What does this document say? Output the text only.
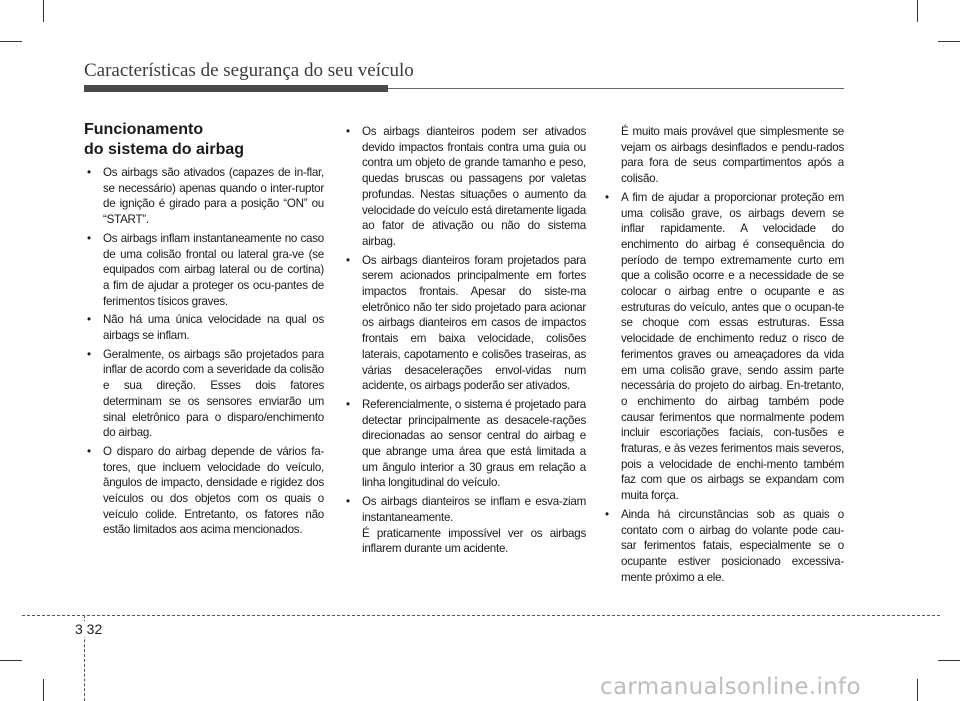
Características de segurança do seu veículo
Funcionamento
do sistema do airbag
• Os airbags são ativados (capazes de in-flar, se necessário) apenas quando o inter-ruptor de ignição é girado para a posição “ON” ou “START”.
• Os airbags inflam instantaneamente no caso de uma colisão frontal ou lateral gra-ve (se equipados com airbag lateral ou de cortina) a fim de ajudar a proteger os ocu-pantes de ferimentos tísicos graves.
• Não há uma única velocidade na qual os airbags se inflam.
• Geralmente, os airbags são projetados para inflar de acordo com a severidade da colisão e sua direção. Esses dois fatores determinam se os sensores enviarão um sinal eletrônico para o disparo/enchimento do airbag.
• O disparo do airbag depende de vários fa-tores, que incluem velocidade do veículo, ângulos de impacto, densidade e rigidez dos veículos ou dos objetos com os quais o veículo colide. Entretanto, os fatores não estão limitados aos acima mencionados.
• Os airbags dianteiros podem ser ativados devido impactos frontais contra uma guia ou contra um objeto de grande tamanho e peso, quedas bruscas ou passagens por valetas profundas. Nestas situações o aumento da velocidade do veículo está diretamente ligada ao fator de ativação ou não do sistema airbag.
• Os airbags dianteiros foram projetados para serem acionados principalmente em fortes impactos frontais. Apesar do siste-ma eletrônico não ter sido projetado para acionar os airbags dianteiros em casos de impactos frontais em baixa velocidade, colisões laterais, capotamento e colisões traseiras, as várias desacelerações envol-vidas num acidente, os airbags poderão ser ativados.
• Referencialmente, o sistema é projetado para detectar principalmente as desacele-rações direcionadas ao sensor central do airbag e que abrange uma área que está limitada a um ângulo interior a 30 graus em relação a linha longitudinal do veículo.
• Os airbags dianteiros se inflam e esva-ziam instantaneamente.

É praticamente impossível ver os airbags inflarem durante um acidente.

É muito mais provável que simplesmente se vejam os airbags desinflados e pendu-rados para fora de seus compartimentos após a colisão.

• A fim de ajudar a proporcionar proteção em uma colisão grave, os airbags devem se inflar rapidamente. A velocidade do enchimento do airbag é consequência do período de tempo extremamente curto em que a colisão ocorre e a necessidade de se colocar o airbag entre o ocupante e as estruturas do veículo, antes que o ocupan-te se choque com essas estruturas. Essa velocidade de enchimento reduz o risco de ferimentos graves ou ameaçadores da vida em uma colisão grave, sendo assim parte necessária do projeto do airbag. En-tretanto, o enchimento do airbag também pode causar ferimentos que normalmente podem incluir escoriações faciais, con-tusões e fraturas, e às vezes ferimentos mais severos, pois a velocidade de enchi-mento também faz com que os airbags se expandam com muita força.
• Ainda há circunstâncias sob as quais o contato com o airbag do volante pode cau-sar ferimentos fatais, especialmente se o ocupante estiver posicionado excessiva-mente próximo a ele.
3 32
carmanualsonline.info
